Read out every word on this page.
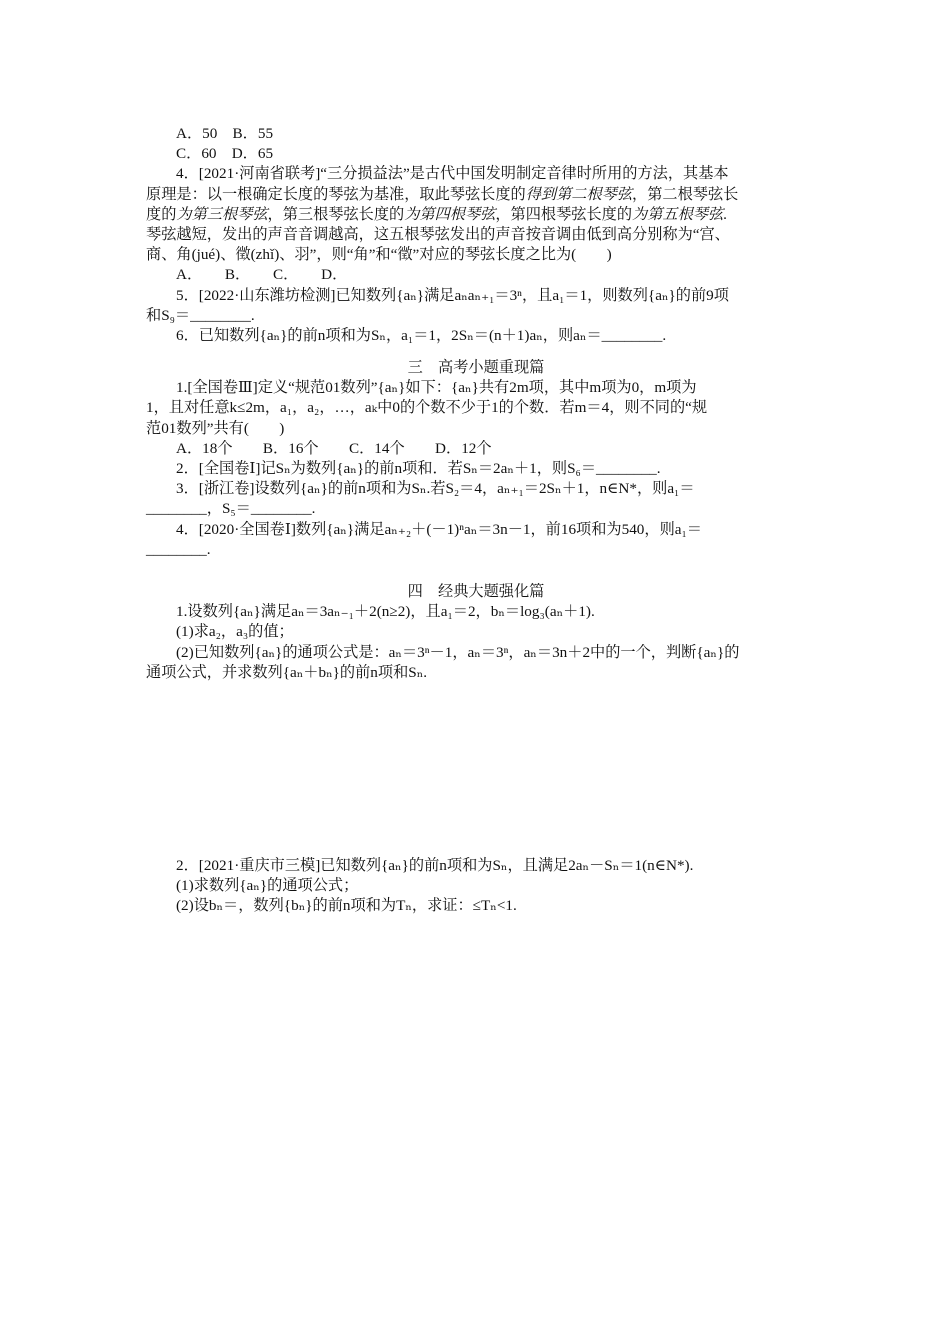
A．50　B．55
C．60　D．65
4．[2021·河南省联考]“三分损益法”是古代中国发明制定音律时所用的方法，其基本
原理是：以一根确定长度的琴弦为基准，取此琴弦长度的得到第二根琴弦，第二根琴弦长
度的为第三根琴弦，第三根琴弦长度的为第四根琴弦，第四根琴弦长度的为第五根琴弦.
琴弦越短，发出的声音音调越高，这五根琴弦发出的声音按音调由低到高分别称为“宫、
商、角(jué)、徵(zhǐ)、羽”，则“角”和“徵”对应的琴弦长度之比为(　　)
A．　　B．　　C．　　D．
5．[2022·山东潍坊检测]已知数列{aₙ}满足aₙaₙ₊₁＝3ⁿ，且a₁＝1，则数列{aₙ}的前9项
和S₉＝________.
6．已知数列{aₙ}的前n项和为Sₙ，a₁＝1，2Sₙ＝(n＋1)aₙ，则aₙ＝________.
三　高考小题重现篇
1.[全国卷Ⅲ]定义“规范01数列”{aₙ}如下：{aₙ}共有2m项，其中m项为0，m项为
1，且对任意k≤2m，a₁，a₂，…，aₖ中0的个数不少于1的个数．若m＝4，则不同的“规
范01数列”共有(　　)
A．18个　　B．16个　　C．14个　　D．12个
2．[全国卷Ⅰ]记Sₙ为数列{aₙ}的前n项和．若Sₙ＝2aₙ＋1，则S₆＝________.
3．[浙江卷]设数列{aₙ}的前n项和为Sₙ.若S₂＝4，aₙ₊₁＝2Sₙ＋1，n∈N*，则a₁＝
________，S₅＝________.
4．[2020·全国卷Ⅰ]数列{aₙ}满足aₙ₊₂＋(－1)ⁿaₙ＝3n－1，前16项和为540，则a₁＝
________.
四　经典大题强化篇
1.设数列{aₙ}满足aₙ＝3aₙ₋₁＋2(n≥2)，且a₁＝2，bₙ＝log₃(aₙ＋1).
(1)求a₂，a₃的值；
(2)已知数列{aₙ}的通项公式是：aₙ＝3ⁿ－1，aₙ＝3ⁿ，aₙ＝3n＋2中的一个，判断{aₙ}的
通项公式，并求数列{aₙ＋bₙ}的前n项和Sₙ.
2．[2021·重庆市三模]已知数列{aₙ}的前n项和为Sₙ，且满足2aₙ－Sₙ＝1(n∈N*).
(1)求数列{aₙ}的通项公式；
(2)设bₙ＝，数列{bₙ}的前n项和为Tₙ，求证：≤Tₙ<1.
